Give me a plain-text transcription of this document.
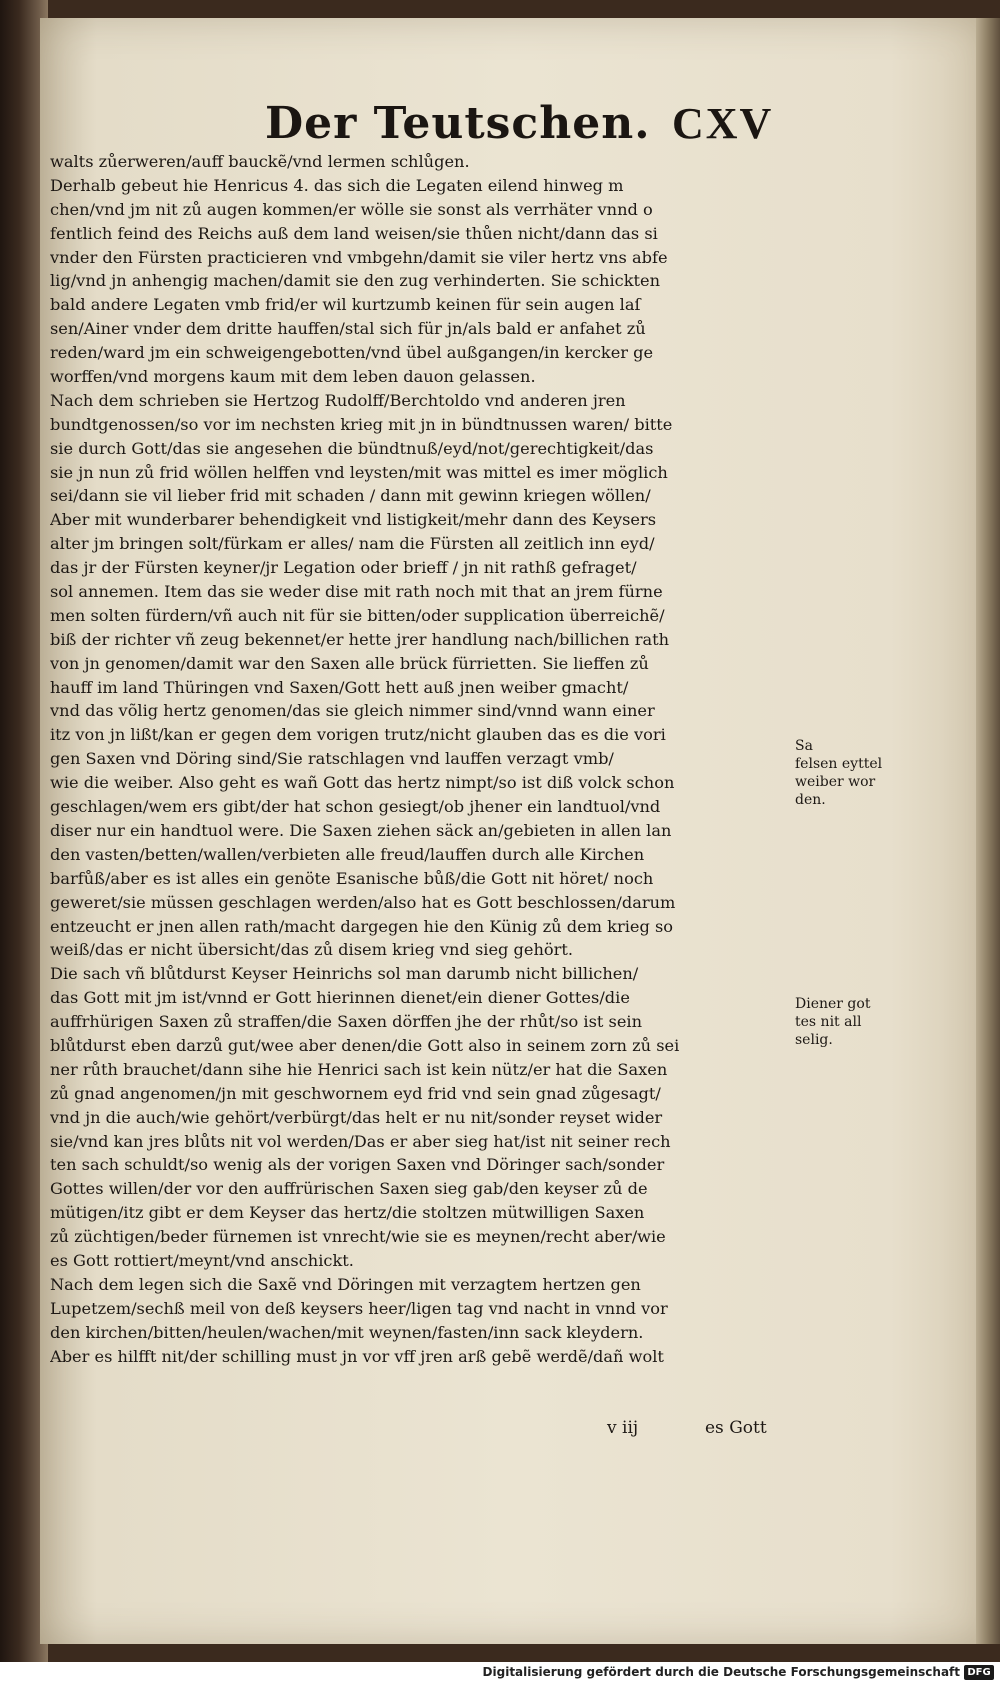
Der Teutschen. CXV
walts zůerweren/auff bauckẽ/vnd lermen schlůgen.
Derhalb gebeut hie Henricus 4. das sich die Legaten eilend hinweg m
chen/vnd jm nit zů augen kommen/er wölle sie sonst als verrhäter vnnd o
fentlich feind des Reichs auß dem land weisen/sie thůen nicht/dann das si
vnder den Fürsten practicieren vnd vmbgehn/damit sie viler hertz vns abfe
lig/vnd jn anhengig machen/damit sie den zug verhinderten. Sie schickten
bald andere Legaten vmb frid/er wil kurtzumb keinen für sein augen laſ
sen/Ainer vnder dem dritte hauffen/stal sich für jn/als bald er anfahet zů
reden/ward jm ein schweigengebotten/vnd übel außgangen/in kercker ge
worffen/vnd morgens kaum mit dem leben dauon gelassen.
Nach dem schrieben sie Hertzog Rudolff/Berchtoldo vnd anderen jren
bundtgenossen/so vor im nechsten krieg mit jn in bündtnussen waren/ bitte
sie durch Gott/das sie angesehen die bündtnuß/eyd/not/gerechtigkeit/das
sie jn nun zů frid wöllen helffen vnd leysten/mit was mittel es imer möglich
sei/dann sie vil lieber frid mit schaden / dann mit gewinn kriegen wöllen/
Aber mit wunderbarer behendigkeit vnd listigkeit/mehr dann des Keysers
alter jm bringen solt/fürkam er alles/ nam die Fürsten all zeitlich inn eyd/
das jr der Fürsten keyner/jr Legation oder brieff / jn nit rathß gefraget/
sol annemen. Item das sie weder dise mit rath noch mit that an jrem fürne
men solten fürdern/vñ auch nit für sie bitten/oder supplication überreichẽ/
biß der richter vñ zeug bekennet/er hette jrer handlung nach/billichen rath
von jn genomen/damit war den Saxen alle brück fürrietten. Sie lieffen zů
hauff im land Thüringen vnd Saxen/Gott hett auß jnen weiber gmacht/
vnd das võlig hertz genomen/das sie gleich nimmer sind/vnnd wann einer
itz von jn lißt/kan er gegen dem vorigen trutz/nicht glauben das es die vori
gen Saxen vnd Döring sind/Sie ratschlagen vnd lauffen verzagt vmb/
wie die weiber. Also geht es wañ Gott das hertz nimpt/so ist diß volck schon
geschlagen/wem ers gibt/der hat schon gesiegt/ob jhener ein landtuol/vnd
diser nur ein handtuol were. Die Saxen ziehen säck an/gebieten in allen lan
den vasten/betten/wallen/verbieten alle freud/lauffen durch alle Kirchen
barfůß/aber es ist alles ein genöte Esanische bůß/die Gott nit höret/ noch
geweret/sie müssen geschlagen werden/also hat es Gott beschlossen/darum
entzeucht er jnen allen rath/macht dargegen hie den Künig zů dem krieg so
weiß/das er nicht übersicht/das zů disem krieg vnd sieg gehört.
Die sach vñ blůtdurst Keyser Heinrichs sol man darumb nicht billichen/
das Gott mit jm ist/vnnd er Gott hierinnen dienet/ein diener Gottes/die
auffrhürigen Saxen zů straffen/die Saxen dörffen jhe der rhůt/so ist sein
blůtdurst eben darzů gut/wee aber denen/die Gott also in seinem zorn zů sei
ner růth brauchet/dann sihe hie Henrici sach ist kein nütz/er hat die Saxen
zů gnad angenomen/jn mit geschwornem eyd frid vnd sein gnad zůgesagt/
vnd jn die auch/wie gehört/verbürgt/das helt er nu nit/sonder reyset wider
sie/vnd kan jres blůts nit vol werden/Das er aber sieg hat/ist nit seiner rech
ten sach schuldt/so wenig als der vorigen Saxen vnd Döringer sach/sonder
Gottes willen/der vor den auffrürischen Saxen sieg gab/den keyser zů de
mütigen/itz gibt er dem Keyser das hertz/die stoltzen mütwilligen Saxen
zů züchtigen/beder fürnemen ist vnrecht/wie sie es meynen/recht aber/wie
es Gott rottiert/meynt/vnd anschickt.
Nach dem legen sich die Saxẽ vnd Döringen mit verzagtem hertzen gen
Lupetzem/sechß meil von deß keysers heer/ligen tag vnd nacht in vnnd vor
den kirchen/bitten/heulen/wachen/mit weynen/fasten/inn sack kleydern.
Aber es hilfft nit/der schilling must jn vor vff jren arß gebẽ werdẽ/dañ wolt
Sa
felsen eyttel
weiber wor
den.
Diener got
tes nit all
selig.
v iij	es Gott
Digitalisierung gefördert durch die Deutsche Forschungsgemeinschaft DFG
